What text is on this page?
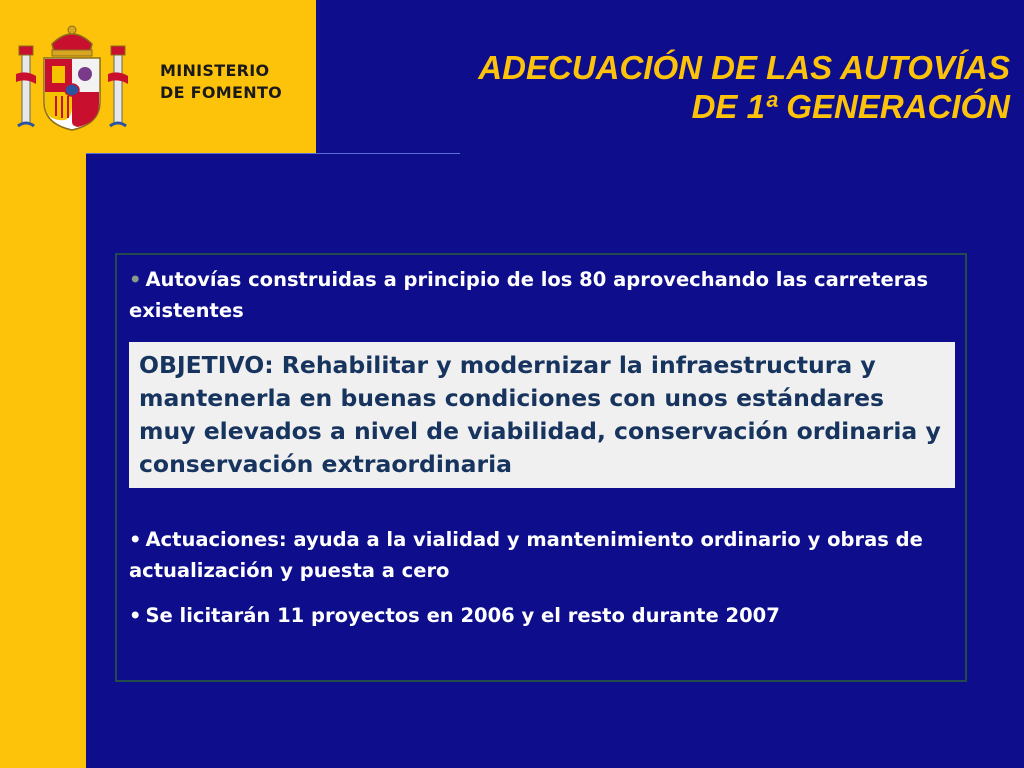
MINISTERIO
DE FOMENTO
ADECUACIÓN DE LAS AUTOVÍAS
DE 1ª GENERACIÓN
• Autovías construidas a principio de los 80 aprovechando las carreteras existentes
OBJETIVO: Rehabilitar y modernizar la infraestructura y mantenerla en buenas condiciones con unos estándares muy elevados a nivel de viabilidad, conservación ordinaria y conservación extraordinaria
• Actuaciones: ayuda a la vialidad y mantenimiento ordinario y obras de actualización y puesta a cero
• Se licitarán 11 proyectos en 2006 y el resto durante 2007
